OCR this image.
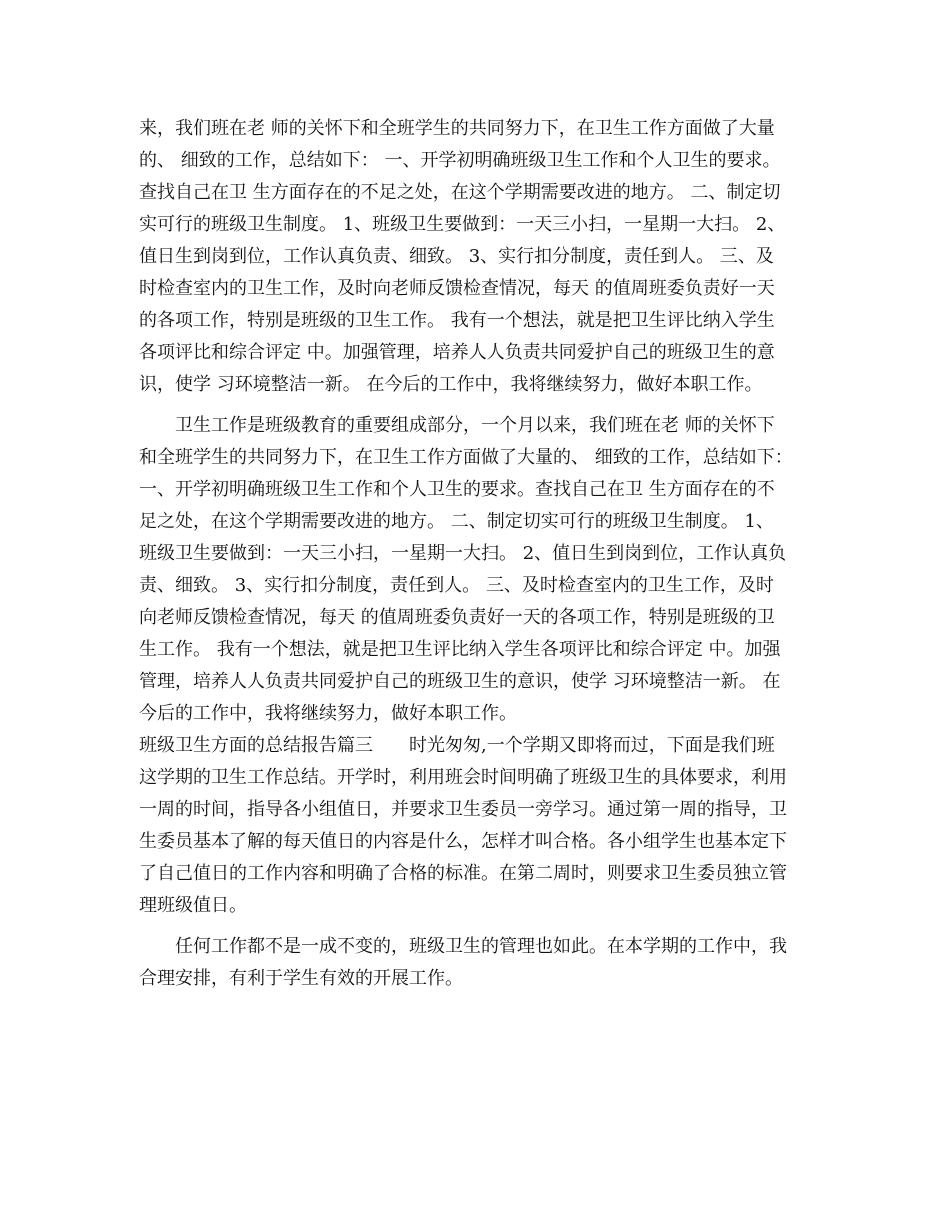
来，我们班在老 师的关怀下和全班学生的共同努力下，在卫生工作方面做了大量
的、 细致的工作，总结如下： 一、开学初明确班级卫生工作和个人卫生的要求。
查找自己在卫 生方面存在的不足之处，在这个学期需要改进的地方。 二、制定切
实可行的班级卫生制度。 1、班级卫生要做到：一天三小扫，一星期一大扫。 2、
值日生到岗到位，工作认真负责、细致。 3、实行扣分制度，责任到人。 三、及
时检查室内的卫生工作，及时向老师反馈检查情况，每天 的值周班委负责好一天
的各项工作，特别是班级的卫生工作。 我有一个想法，就是把卫生评比纳入学生
各项评比和综合评定 中。加强管理，培养人人负责共同爱护自己的班级卫生的意
识，使学 习环境整洁一新。 在今后的工作中，我将继续努力，做好本职工作。
　　卫生工作是班级教育的重要组成部分，一个月以来，我们班在老 师的关怀下
和全班学生的共同努力下，在卫生工作方面做了大量的、 细致的工作，总结如下：
一、开学初明确班级卫生工作和个人卫生的要求。查找自己在卫 生方面存在的不
足之处，在这个学期需要改进的地方。 二、制定切实可行的班级卫生制度。 1、
班级卫生要做到：一天三小扫，一星期一大扫。 2、值日生到岗到位，工作认真负
责、细致。 3、实行扣分制度，责任到人。 三、及时检查室内的卫生工作，及时
向老师反馈检查情况，每天 的值周班委负责好一天的各项工作，特别是班级的卫
生工作。 我有一个想法，就是把卫生评比纳入学生各项评比和综合评定 中。加强
管理，培养人人负责共同爱护自己的班级卫生的意识，使学 习环境整洁一新。 在
今后的工作中，我将继续努力，做好本职工作。
班级卫生方面的总结报告篇三　　时光匆匆,一个学期又即将而过，下面是我们班
这学期的卫生工作总结。开学时，利用班会时间明确了班级卫生的具体要求，利用
一周的时间，指导各小组值日，并要求卫生委员一旁学习。通过第一周的指导，卫
生委员基本了解的每天值日的内容是什么，怎样才叫合格。各小组学生也基本定下
了自己值日的工作内容和明确了合格的标准。在第二周时，则要求卫生委员独立管
理班级值日。
　　任何工作都不是一成不变的，班级卫生的管理也如此。在本学期的工作中，我
合理安排，有利于学生有效的开展工作。
